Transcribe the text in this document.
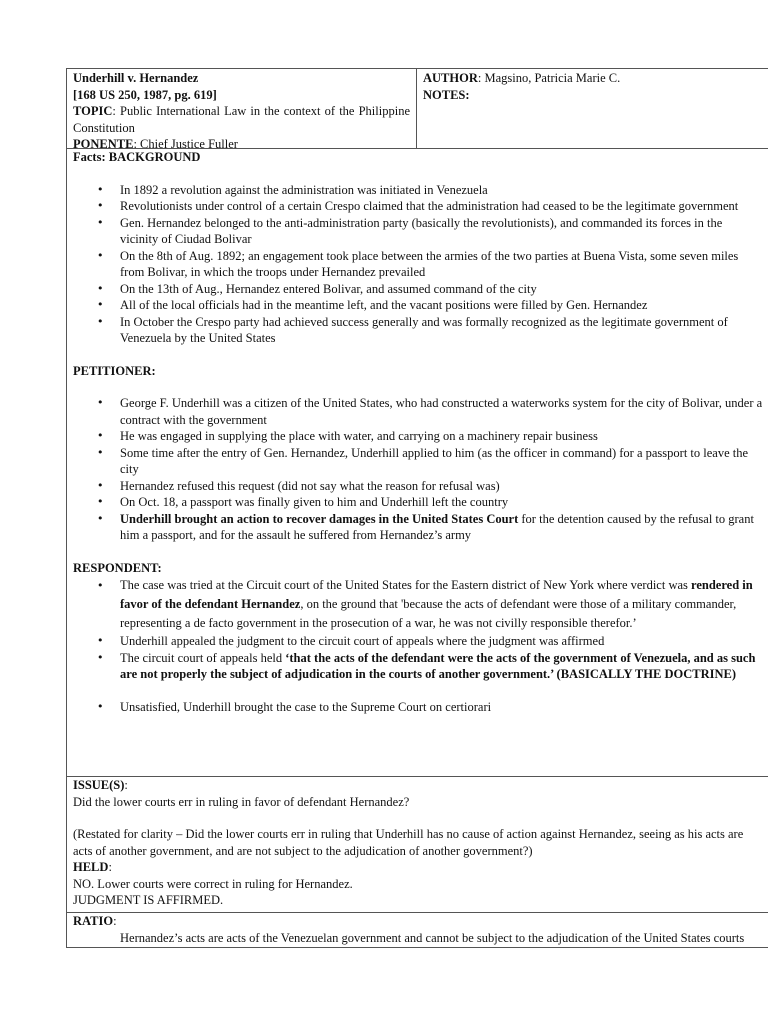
Underhill v. Hernandez
[168 US 250, 1987, pg. 619]
TOPIC: Public International Law in the context of the Philippine Constitution
PONENTE: Chief Justice Fuller
AUTHOR: Magsino, Patricia Marie C.
NOTES:
Facts: BACKGROUND
• In 1892 a revolution against the administration was initiated in Venezuela
• Revolutionists under control of a certain Crespo claimed that the administration had ceased to be the legitimate government
• Gen. Hernandez belonged to the anti-administration party (basically the revolutionists), and commanded its forces in the vicinity of Ciudad Bolivar
• On the 8th of Aug. 1892; an engagement took place between the armies of the two parties at Buena Vista, some seven miles from Bolivar, in which the troops under Hernandez prevailed
• On the 13th of Aug., Hernandez entered Bolivar, and assumed command of the city
• All of the local officials had in the meantime left, and the vacant positions were filled by Gen. Hernandez
• In October the Crespo party had achieved success generally and was formally recognized as the legitimate government of Venezuela by the United States
PETITIONER:
• George F. Underhill was a citizen of the United States, who had constructed a waterworks system for the city of Bolivar, under a contract with the government
• He was engaged in supplying the place with water, and carrying on a machinery repair business
• Some time after the entry of Gen. Hernandez, Underhill applied to him (as the officer in command) for a passport to leave the city
• Hernandez refused this request (did not say what the reason for refusal was)
• On Oct. 18, a passport was finally given to him and Underhill left the country
• Underhill brought an action to recover damages in the United States Court for the detention caused by the refusal to grant him a passport, and for the assault he suffered from Hernandez’s army
RESPONDENT:
• The case was tried at the Circuit court of the United States for the Eastern district of New York where verdict was rendered in favor of the defendant Hernandez, on the ground that 'because the acts of defendant were those of a military commander, representing a de facto government in the prosecution of a war, he was not civilly responsible therefor.’
• Underhill appealed the judgment to the circuit court of appeals where the judgment was affirmed
• The circuit court of appeals held ‘that the acts of the defendant were the acts of the government of Venezuela, and as such are not properly the subject of adjudication in the courts of another government.’ (BASICALLY THE DOCTRINE)
• Unsatisfied, Underhill brought the case to the Supreme Court on certiorari
ISSUE(S):
Did the lower courts err in ruling in favor of defendant Hernandez?
(Restated for clarity – Did the lower courts err in ruling that Underhill has no cause of action against Hernandez, seeing as his acts are acts of another government, and are not subject to the adjudication of another government?)
HELD:
NO. Lower courts were correct in ruling for Hernandez.
JUDGMENT IS AFFIRMED.
RATIO:
• Hernandez’s acts are acts of the Venezuelan government and cannot be subject to the adjudication of the United States courts
